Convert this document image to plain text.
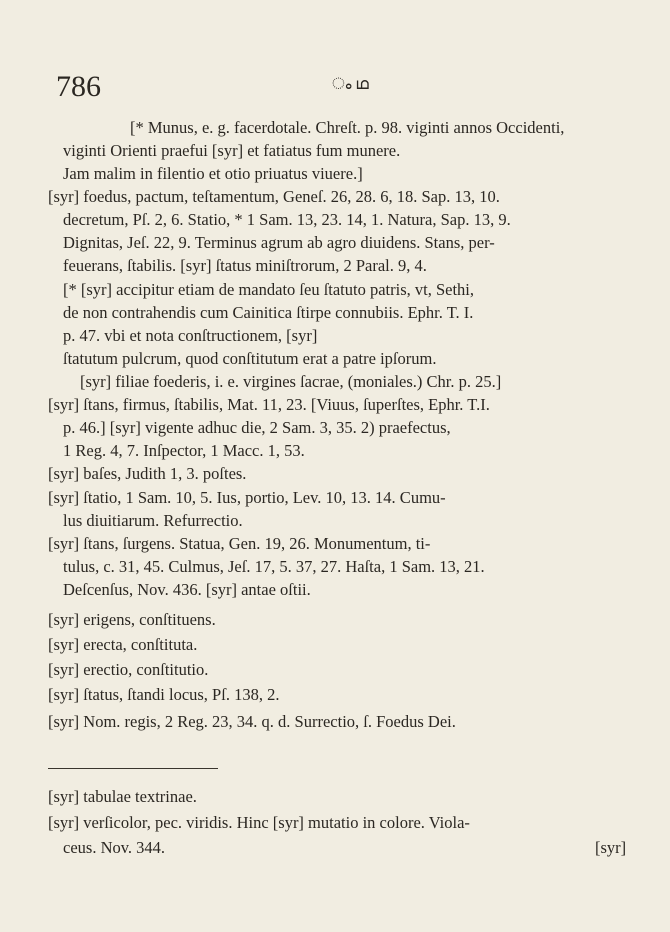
786	ം ഥ
[* Munus, e. g. facerdotale. Chreſt. p. 98. viginti annos Occidenti,
viginti Orienti praefui [syr] et fatiatus fum munere.
Jam malim in filentio et otio priuatus viuere.]
[syr] foedus, pactum, teſtamentum, Geneſ. 26, 28. 6, 18. Sap. 13, 10.
decretum, Pſ. 2, 6. Statio, * 1 Sam. 13, 23. 14, 1. Natura, Sap. 13, 9.
Dignitas, Jeſ. 22, 9. Terminus agrum ab agro diuidens. Stans, per-
feuerans, ſtabilis. [syr] ſtatus miniſtrorum, 2 Paral. 9, 4.
[* [syr] accipitur etiam de mandato ſeu ſtatuto patris, vt, Sethi,
de non contrahendis cum Cainitica ſtirpe connubiis. Ephr. T. I.
p. 47. vbi et nota conſtructionem, [syr]
ſtatutum pulcrum, quod conſtitutum erat a patre ipſorum.
[syr] filiae foederis, i. e. virgines ſacrae, (moniales.) Chr. p. 25.]
[syr] ſtans, firmus, ſtabilis, Mat. 11, 23. [Viuus, ſuperſtes, Ephr. T.I.
p. 46.] [syr] vigente adhuc die, 2 Sam. 3, 35. 2) praefectus,
1 Reg. 4, 7. Inſpector, 1 Macc. 1, 53.
[syr] baſes, Judith 1, 3. poſtes.
[syr] ſtatio, 1 Sam. 10, 5. Ius, portio, Lev. 10, 13. 14. Cumu-
lus diuitiarum. Refurrectio.
[syr] ſtans, ſurgens. Statua, Gen. 19, 26. Monumentum, ti-
tulus, c. 31, 45. Culmus, Jeſ. 17, 5. 37, 27. Haſta, 1 Sam. 13, 21.
Deſcenſus, Nov. 436. [syr] antae oſtii.
[syr] erigens, conſtituens.
[syr] erecta, conſtituta.
[syr] erectio, conſtitutio.
[syr] ſtatus, ſtandi locus, Pſ. 138, 2.
[syr] Nom. regis, 2 Reg. 23, 34. q. d. Surrectio, ſ. Foedus Dei.
[syr] tabulae textrinae.
[syr] verſicolor, pec. viridis. Hinc [syr] mutatio in colore. Viola-
ceus. Nov. 344.	[syr]
